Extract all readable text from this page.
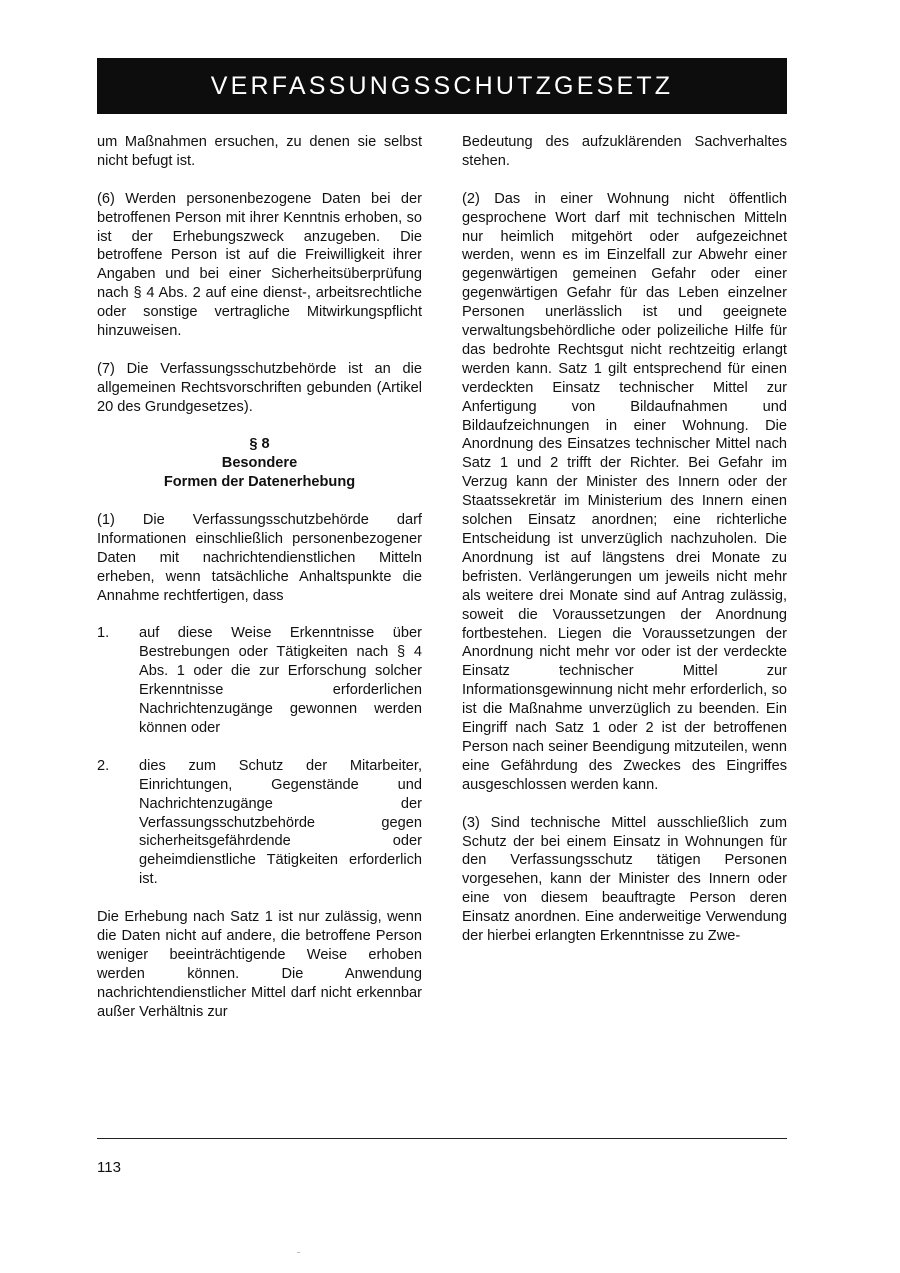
VERFASSUNGSSCHUTZGESETZ

um Maßnahmen ersuchen, zu denen sie selbst nicht befugt ist.

(6) Werden personenbezogene Daten bei der betroffenen Person mit ihrer Kenntnis erhoben, so ist der Erhebungszweck anzugeben. Die betroffene Person ist auf die Freiwilligkeit ihrer Angaben und bei einer Sicherheitsüberprüfung nach § 4 Abs. 2 auf eine dienst-, arbeitsrechtliche oder sonstige vertragliche Mitwirkungspflicht hinzuweisen.

(7) Die Verfassungsschutzbehörde ist an die allgemeinen Rechtsvorschriften gebunden (Artikel 20 des Grundgesetzes).

§ 8
Besondere
Formen der Datenerhebung

(1) Die Verfassungsschutzbehörde darf Informationen einschließlich personenbezogener Daten mit nachrichtendienstlichen Mitteln erheben, wenn tatsächliche Anhaltspunkte die Annahme rechtfertigen, dass

1.	auf diese Weise Erkenntnisse über Bestrebungen oder Tätigkeiten nach § 4 Abs. 1 oder die zur Erforschung solcher Erkenntnisse erforderlichen Nachrichtenzugänge gewonnen werden können oder
2.	dies zum Schutz der Mitarbeiter, Einrichtungen, Gegenstände und Nachrichtenzugänge der Verfassungsschutzbehörde gegen sicherheitsgefährdende oder geheimdienstliche Tätigkeiten erforderlich ist.

Die Erhebung nach Satz 1 ist nur zulässig, wenn die Daten nicht auf andere, die betroffene Person weniger beeinträchtigende Weise erhoben werden können. Die Anwendung nachrichtendienstlicher Mittel darf nicht erkennbar außer Verhältnis zur

Bedeutung des aufzuklärenden Sachverhaltes stehen.

(2) Das in einer Wohnung nicht öffentlich gesprochene Wort darf mit technischen Mitteln nur heimlich mitgehört oder aufgezeichnet werden, wenn es im Einzelfall zur Abwehr einer gegenwärtigen gemeinen Gefahr oder einer gegenwärtigen Gefahr für das Leben einzelner Personen unerlässlich ist und geeignete verwaltungsbehördliche oder polizeiliche Hilfe für das bedrohte Rechtsgut nicht rechtzeitig erlangt werden kann. Satz 1 gilt entsprechend für einen verdeckten Einsatz technischer Mittel zur Anfertigung von Bildaufnahmen und Bildaufzeichnungen in einer Wohnung. Die Anordnung des Einsatzes technischer Mittel nach Satz 1 und 2 trifft der Richter. Bei Gefahr im Verzug kann der Minister des Innern oder der Staatssekretär im Ministerium des Innern einen solchen Einsatz anordnen; eine richterliche Entscheidung ist unverzüglich nachzuholen. Die Anordnung ist auf längstens drei Monate zu befristen. Verlängerungen um jeweils nicht mehr als weitere drei Monate sind auf Antrag zulässig, soweit die Voraussetzungen der Anordnung fortbestehen. Liegen die Voraussetzungen der Anordnung nicht mehr vor oder ist der verdeckte Einsatz technischer Mittel zur Informationsgewinnung nicht mehr erforderlich, so ist die Maßnahme unverzüglich zu beenden. Ein Eingriff nach Satz 1 oder 2 ist der betroffenen Person nach seiner Beendigung mitzuteilen, wenn eine Gefährdung des Zweckes des Eingriffes ausgeschlossen werden kann.

(3) Sind technische Mittel ausschließlich zum Schutz der bei einem Einsatz in Wohnungen für den Verfassungsschutz tätigen Personen vorgesehen, kann der Minister des Innern oder eine von diesem beauftragte Person deren Einsatz anordnen. Eine anderweitige Verwendung der hierbei erlangten Erkenntnisse zu Zwe-

113
